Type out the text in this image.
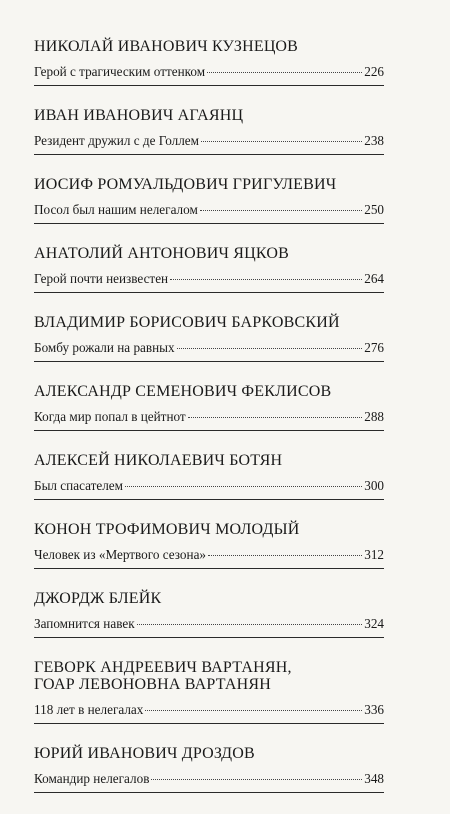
НИКОЛАЙ ИВАНОВИЧ КУЗНЕЦОВ
Герой с трагическим оттенком	226
ИВАН ИВАНОВИЧ АГАЯНЦ
Резидент дружил с де Голлем	238
ИОСИФ РОМУАЛЬДОВИЧ ГРИГУЛЕВИЧ
Посол был нашим нелегалом	250
АНАТОЛИЙ АНТОНОВИЧ ЯЦКОВ
Герой почти неизвестен	264
ВЛАДИМИР БОРИСОВИЧ БАРКОВСКИЙ
Бомбу рожали на равных	276
АЛЕКСАНДР СЕМЕНОВИЧ ФЕКЛИСОВ
Когда мир попал в цейтнот	288
АЛЕКСЕЙ НИКОЛАЕВИЧ БОТЯН
Был спасателем	300
КОНОН ТРОФИМОВИЧ МОЛОДЫЙ
Человек из «Мертвого сезона»	312
ДЖОРДЖ БЛЕЙК
Запомнится навек	324
ГЕВОРК АНДРЕЕВИЧ ВАРТАНЯН,
ГОАР ЛЕВОНОВНА ВАРТАНЯН
118 лет в нелегалах	336
ЮРИЙ ИВАНОВИЧ ДРОЗДОВ
Командир нелегалов	348
